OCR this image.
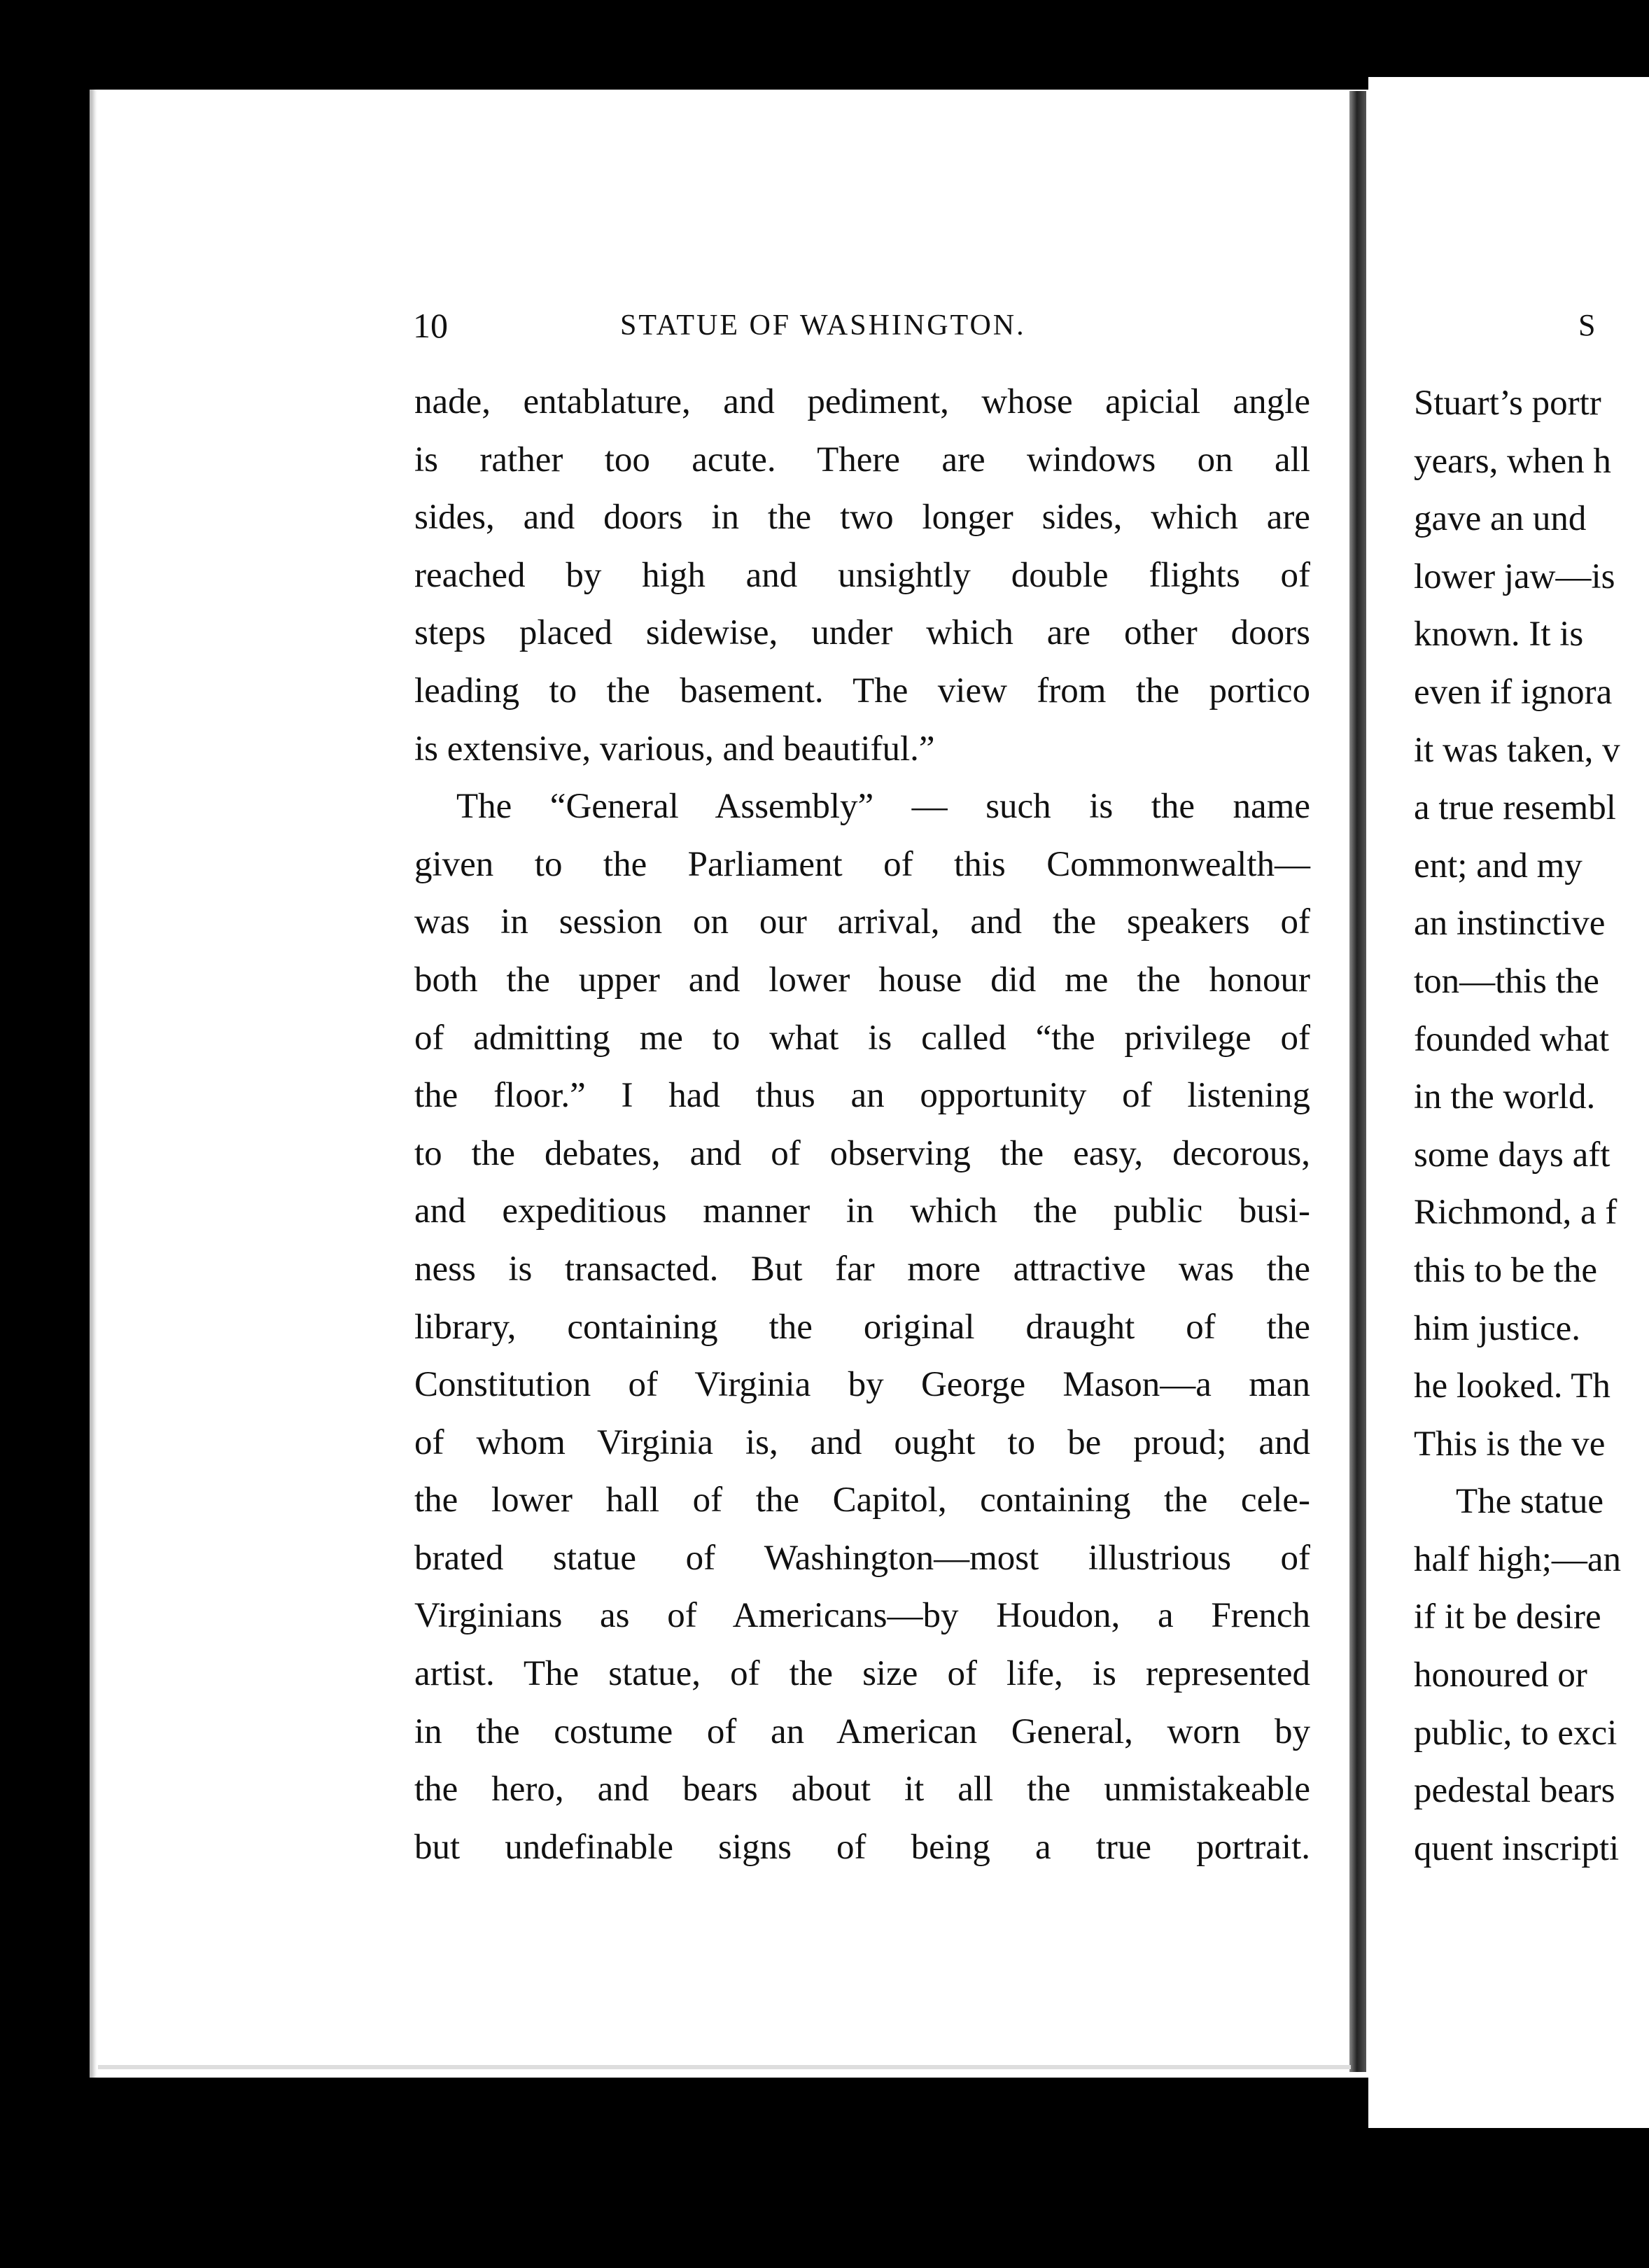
10	STATUE OF WASHINGTON.
nade, entablature, and pediment, whose apicial angle
is rather too acute. There are windows on all
sides, and doors in the two longer sides, which are
reached by high and unsightly double flights of
steps placed sidewise, under which are other doors
leading to the basement. The view from the portico
is extensive, various, and beautiful.”
The “General Assembly” — such is the name
given to the Parliament of this Commonwealth—
was in session on our arrival, and the speakers of
both the upper and lower house did me the honour
of admitting me to what is called “the privilege of
the floor.” I had thus an opportunity of listening
to the debates, and of observing the easy, decorous,
and expeditious manner in which the public busi-
ness is transacted. But far more attractive was the
library, containing the original draught of the
Constitution of Virginia by George Mason—a man
of whom Virginia is, and ought to be proud; and
the lower hall of the Capitol, containing the cele-
brated statue of Washington—most illustrious of
Virginians as of Americans—by Houdon, a French
artist. The statue, of the size of life, is represented
in the costume of an American General, worn by
the hero, and bears about it all the unmistakeable
but undefinable signs of being a true portrait.
S
Stuart’s portr
years, when h
gave an und
lower jaw—is
known. It is
even if ignora
it was taken, v
a true resembl
ent; and my
an instinctive
ton—this the
founded what
in the world.
some days aft
Richmond, a f
this to be the
him justice.
he looked. Th
This is the ve
The statue
half high;—an
if it be desire
honoured or
public, to exci
pedestal bears
quent inscripti
